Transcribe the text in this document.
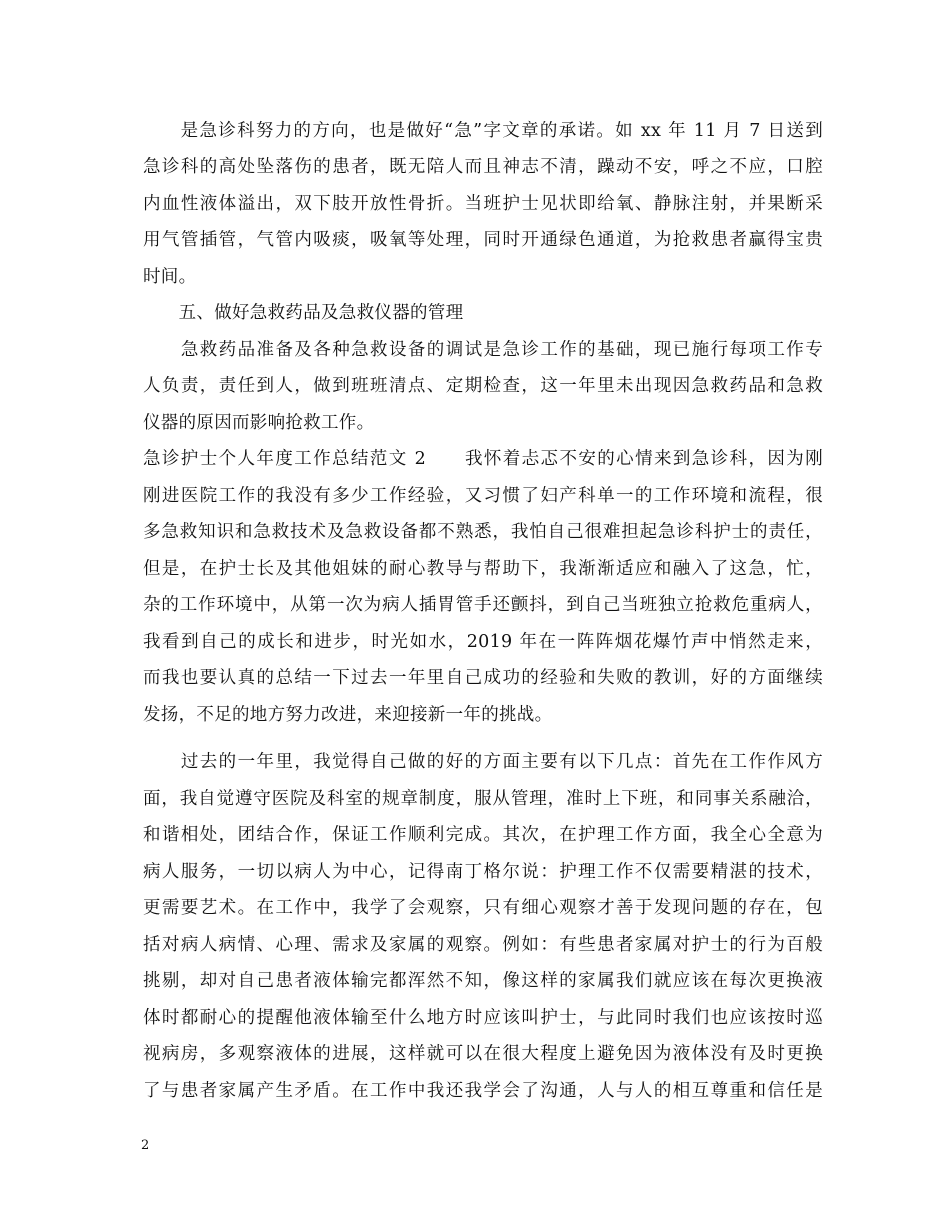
　　是急诊科努力的方向，也是做好“急”字文章的承诺。如 xx 年 11 月 7 日送到
急诊科的高处坠落伤的患者，既无陪人而且神志不清，躁动不安，呼之不应，口腔
内血性液体溢出，双下肢开放性骨折。当班护士见状即给氧、静脉注射，并果断采
用气管插管，气管内吸痰，吸氧等处理，同时开通绿色通道，为抢救患者赢得宝贵
时间。
　　五、做好急救药品及急救仪器的管理
　　急救药品准备及各种急救设备的调试是急诊工作的基础，现已施行每项工作专
人负责，责任到人，做到班班清点、定期检查，这一年里未出现因急救药品和急救
仪器的原因而影响抢救工作。
急诊护士个人年度工作总结范文 2　　我怀着忐忑不安的心情来到急诊科，因为刚
刚进医院工作的我没有多少工作经验，又习惯了妇产科单一的工作环境和流程，很
多急救知识和急救技术及急救设备都不熟悉，我怕自己很难担起急诊科护士的责任，
但是，在护士长及其他姐妹的耐心教导与帮助下，我渐渐适应和融入了这急，忙，
杂的工作环境中，从第一次为病人插胃管手还颤抖，到自己当班独立抢救危重病人，
我看到自己的成长和进步，时光如水，2019 年在一阵阵烟花爆竹声中悄然走来，
而我也要认真的总结一下过去一年里自己成功的经验和失败的教训，好的方面继续
发扬，不足的地方努力改进，来迎接新一年的挑战。
　　过去的一年里，我觉得自己做的好的方面主要有以下几点：首先在工作作风方
面，我自觉遵守医院及科室的规章制度，服从管理，准时上下班，和同事关系融洽，
和谐相处，团结合作，保证工作顺利完成。其次，在护理工作方面，我全心全意为
病人服务，一切以病人为中心，记得南丁格尔说：护理工作不仅需要精湛的技术，
更需要艺术。在工作中，我学了会观察，只有细心观察才善于发现问题的存在，包
括对病人病情、心理、需求及家属的观察。例如：有些患者家属对护士的行为百般
挑剔，却对自己患者液体输完都浑然不知，像这样的家属我们就应该在每次更换液
体时都耐心的提醒他液体输至什么地方时应该叫护士，与此同时我们也应该按时巡
视病房，多观察液体的进展，这样就可以在很大程度上避免因为液体没有及时更换
了与患者家属产生矛盾。在工作中我还我学会了沟通，人与人的相互尊重和信任是
2
